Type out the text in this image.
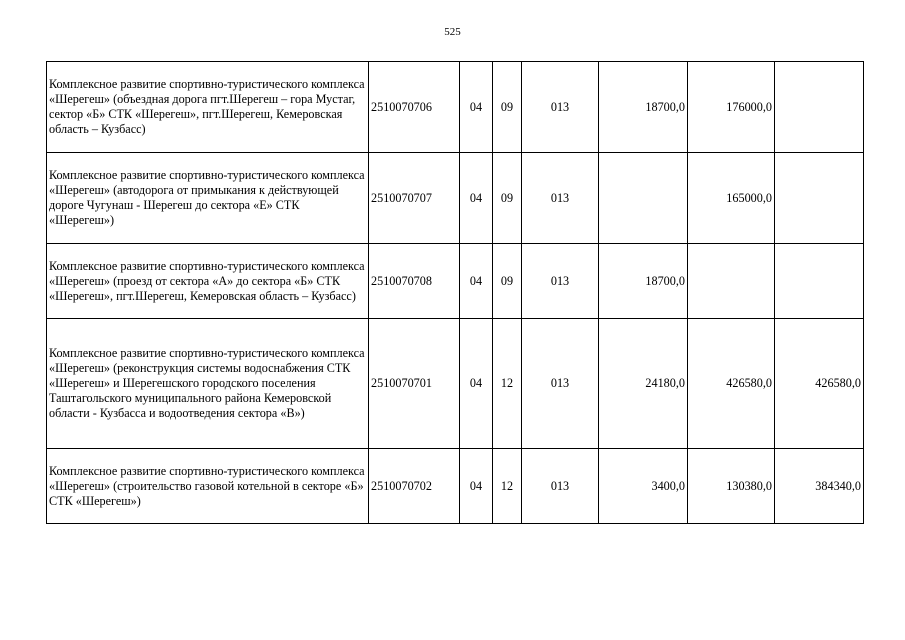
525
Комплексное развитие спортивно-туристического комплекса «Шерегеш» (объездная дорога пгт.Шерегеш – гора Мустаг, сектор «Б» СТК «Шерегеш», пгт.Шерегеш, Кемеровская область – Кузбасс)	2510070706	04	09	013	18700,0	176000,0	
Комплексное развитие спортивно-туристического комплекса «Шерегеш» (автодорога от примыкания к действующей дороге Чугунаш - Шерегеш до сектора «Е» СТК «Шерегеш»)	2510070707	04	09	013		165000,0	
Комплексное развитие спортивно-туристического комплекса «Шерегеш» (проезд от сектора «А» до сектора «Б» СТК «Шерегеш», пгт.Шерегеш, Кемеровская область – Кузбасс)	2510070708	04	09	013	18700,0		
Комплексное развитие спортивно-туристического комплекса «Шерегеш» (реконструкция системы водоснабжения СТК «Шерегеш» и Шерегешского городского поселения Таштагольского муниципального района Кемеровской области - Кузбасса и водоотведения сектора «В»)	2510070701	04	12	013	24180,0	426580,0	426580,0
Комплексное развитие спортивно-туристического комплекса «Шерегеш» (строительство газовой котельной в секторе «Б» СТК «Шерегеш»)	2510070702	04	12	013	3400,0	130380,0	384340,0
